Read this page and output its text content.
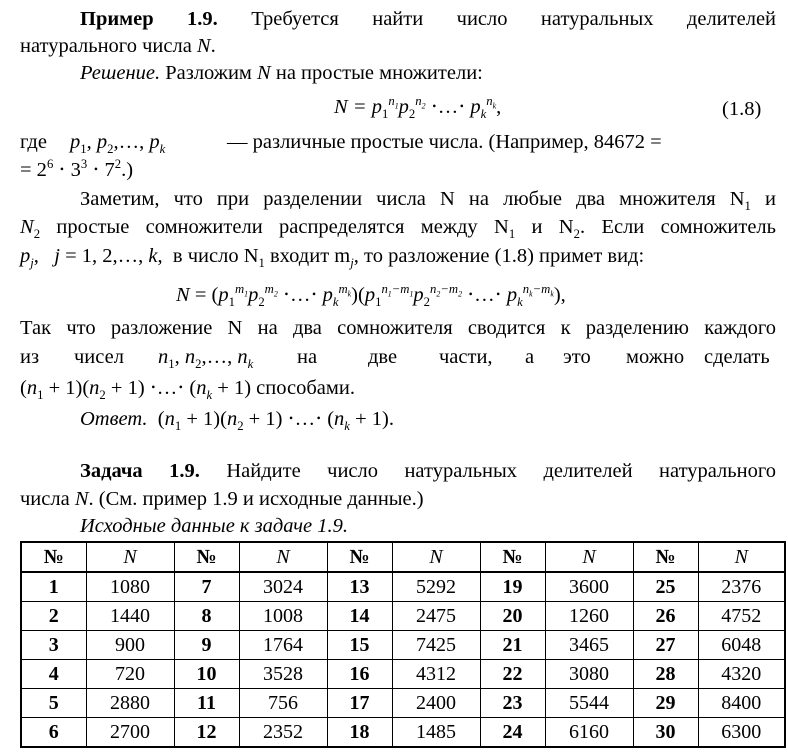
Пример 1.9. Требуется найти число натуральных делителей
натурального числа N.
Решение. Разложим N на простые множители:
$N = p_1^{n_1}p_2^{n_2}$ ⋅…⋅ $p_k^{n_k}$,	(1.8)
где $p_1$, $p_2,\dots$, $p_k$	— различные простые числа. (Например, 84672 =
= $2^6 \cdot 3^3 \cdot 7^2$.)
Заметим, что при разделении числа N на любые два множителя $N_1$ и
$N_2$ простые сомножители распределятся между $N_1$ и $N_2$. Если сомножитель
$p_j$,   j = 1, 2,…, k,  в число $N_1$ входит $m_j$, то разложение (1.8) примет вид:
$N = (p_1^{m_1}p_2^{m_2}$ ⋅…⋅ $p_k^{m_k})(p_1^{n_1-m_1}p_2^{n_2-m_2}$ ⋅…⋅ $p_k^{n_k-m_k}$),
Так что разложение N на два сомножителя сводится к разделению каждого
из чисел $n_1$, $n_2,\dots$, $n_k$ на две части, а это можно сделать
$(n_1 + 1)(n_2 + 1)$ ⋅…⋅ $(n_k + 1)$ способами.
Ответ.  $(n_1 + 1)(n_2 + 1)$ ⋅…⋅ $(n_k + 1)$.
Задача 1.9. Найдите число натуральных делителей натурального
числа N. (См. пример 1.9 и исходные данные.)
Исходные данные к задаче 1.9.
№	N	№	N	№	N	№	N	№	N
1	1080	7	3024	13	5292	19	3600	25	2376
2	1440	8	1008	14	2475	20	1260	26	4752
3	900	9	1764	15	7425	21	3465	27	6048
4	720	10	3528	16	4312	22	3080	28	4320
5	2880	11	756	17	2400	23	5544	29	8400
6	2700	12	2352	18	1485	24	6160	30	6300
